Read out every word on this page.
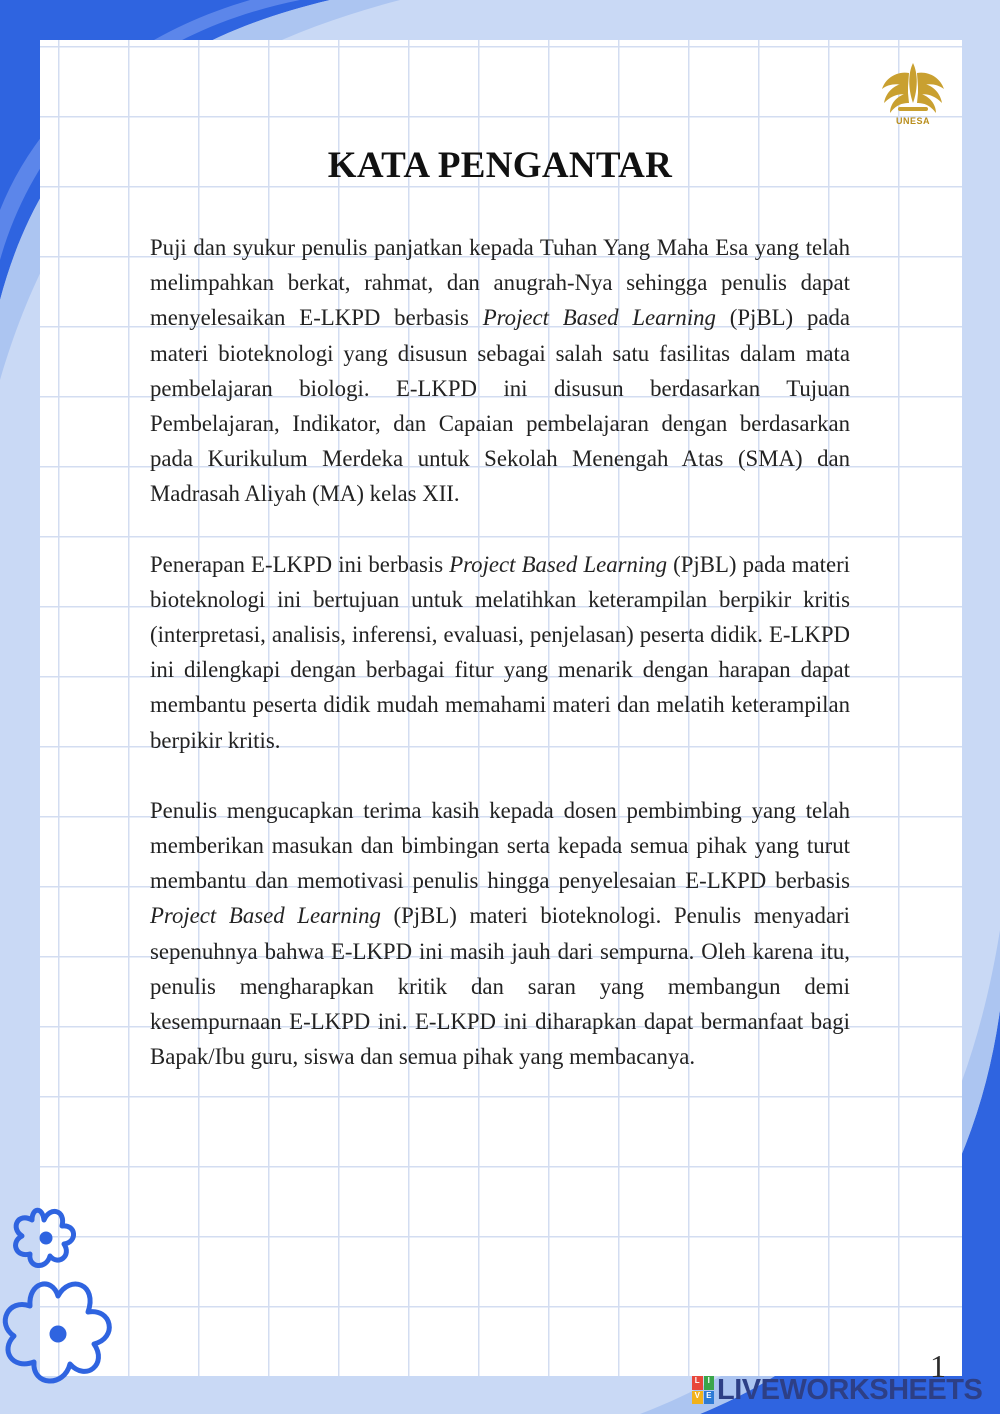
UNESA
KATA PENGANTAR

Puji dan syukur penulis panjatkan kepada Tuhan Yang Maha Esa yang telah melimpahkan berkat, rahmat, dan anugrah-Nya sehingga penulis dapat menyelesaikan E-LKPD berbasis Project Based Learning (PjBL) pada materi bioteknologi yang disusun sebagai salah satu fasilitas dalam mata pembelajaran biologi. E-LKPD ini disusun berdasarkan Tujuan Pembelajaran, Indikator, dan Capaian pembelajaran dengan berdasarkan pada Kurikulum Merdeka untuk Sekolah Menengah Atas (SMA) dan Madrasah Aliyah (MA) kelas XII.

Penerapan E-LKPD ini berbasis Project Based Learning (PjBL) pada materi bioteknologi ini bertujuan untuk melatihkan keterampilan berpikir kritis (interpretasi, analisis, inferensi, evaluasi, penjelasan) peserta didik. E-LKPD ini dilengkapi dengan berbagai fitur yang menarik dengan harapan dapat membantu peserta didik mudah memahami materi dan melatih keterampilan berpikir kritis.

Penulis mengucapkan terima kasih kepada dosen pembimbing yang telah memberikan masukan dan bimbingan serta kepada semua pihak yang turut membantu dan memotivasi penulis hingga penyelesaian E-LKPD berbasis Project Based Learning (PjBL) materi bioteknologi. Penulis menyadari sepenuhnya bahwa E-LKPD ini masih jauh dari sempurna. Oleh karena itu, penulis mengharapkan kritik dan saran yang membangun demi kesempurnaan E-LKPD ini. E-LKPD ini diharapkan dapat bermanfaat bagi Bapak/Ibu guru, siswa dan semua pihak yang membacanya.

1
L I
V E LIVEWORKSHEETS
